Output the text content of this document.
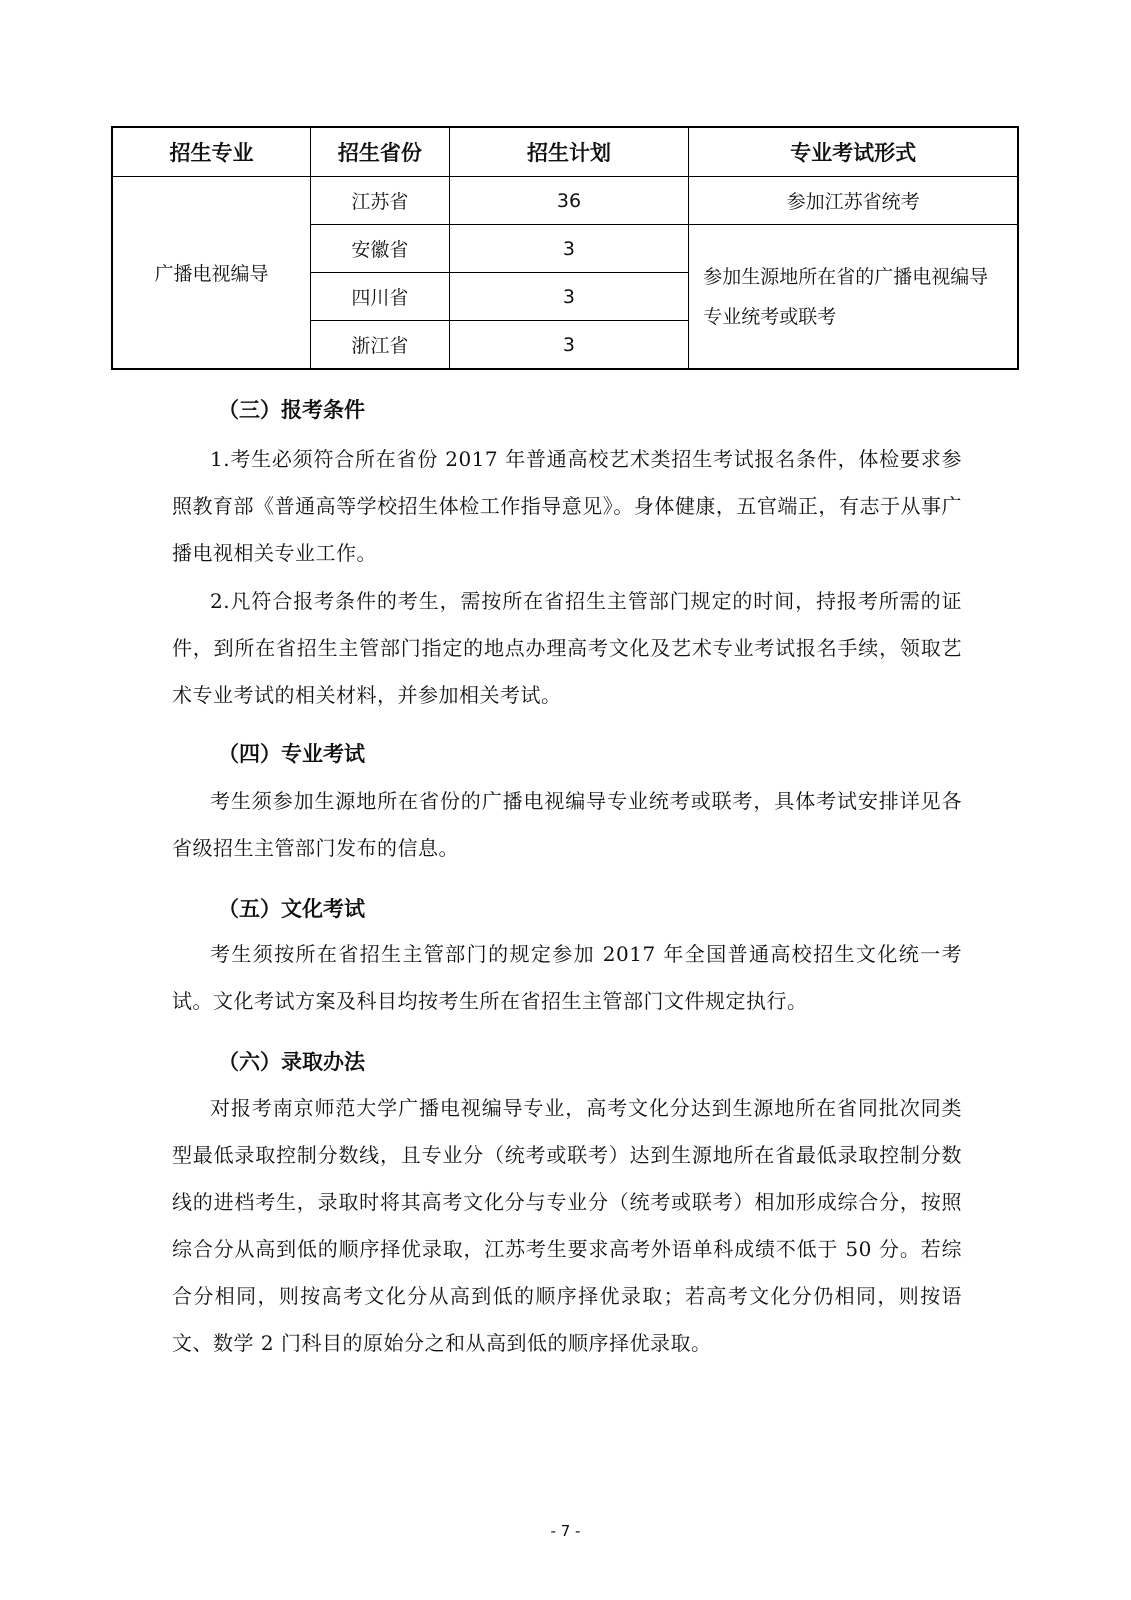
招生专业	招生省份	招生计划	专业考试形式
广播电视编导	江苏省	36	参加江苏省统考
	安徽省	3	参加生源地所在省的广播电视编导专业统考或联考
	四川省	3	
	浙江省	3	
（三）报考条件

1.考生必须符合所在省份 2017 年普通高校艺术类招生考试报名条件，体检要求参照教育部《普通高等学校招生体检工作指导意见》。身体健康，五官端正，有志于从事广播电视相关专业工作。

2.凡符合报考条件的考生，需按所在省招生主管部门规定的时间，持报考所需的证件，到所在省招生主管部门指定的地点办理高考文化及艺术专业考试报名手续，领取艺术专业考试的相关材料，并参加相关考试。

（四）专业考试

考生须参加生源地所在省份的广播电视编导专业统考或联考，具体考试安排详见各省级招生主管部门发布的信息。

（五）文化考试

考生须按所在省招生主管部门的规定参加 2017 年全国普通高校招生文化统一考试。文化考试方案及科目均按考生所在省招生主管部门文件规定执行。

（六）录取办法

对报考南京师范大学广播电视编导专业，高考文化分达到生源地所在省同批次同类型最低录取控制分数线，且专业分（统考或联考）达到生源地所在省最低录取控制分数线的进档考生，录取时将其高考文化分与专业分（统考或联考）相加形成综合分，按照综合分从高到低的顺序择优录取，江苏考生要求高考外语单科成绩不低于 50 分。若综合分相同，则按高考文化分从高到低的顺序择优录取；若高考文化分仍相同，则按语文、数学 2 门科目的原始分之和从高到低的顺序择优录取。

- 7 -
